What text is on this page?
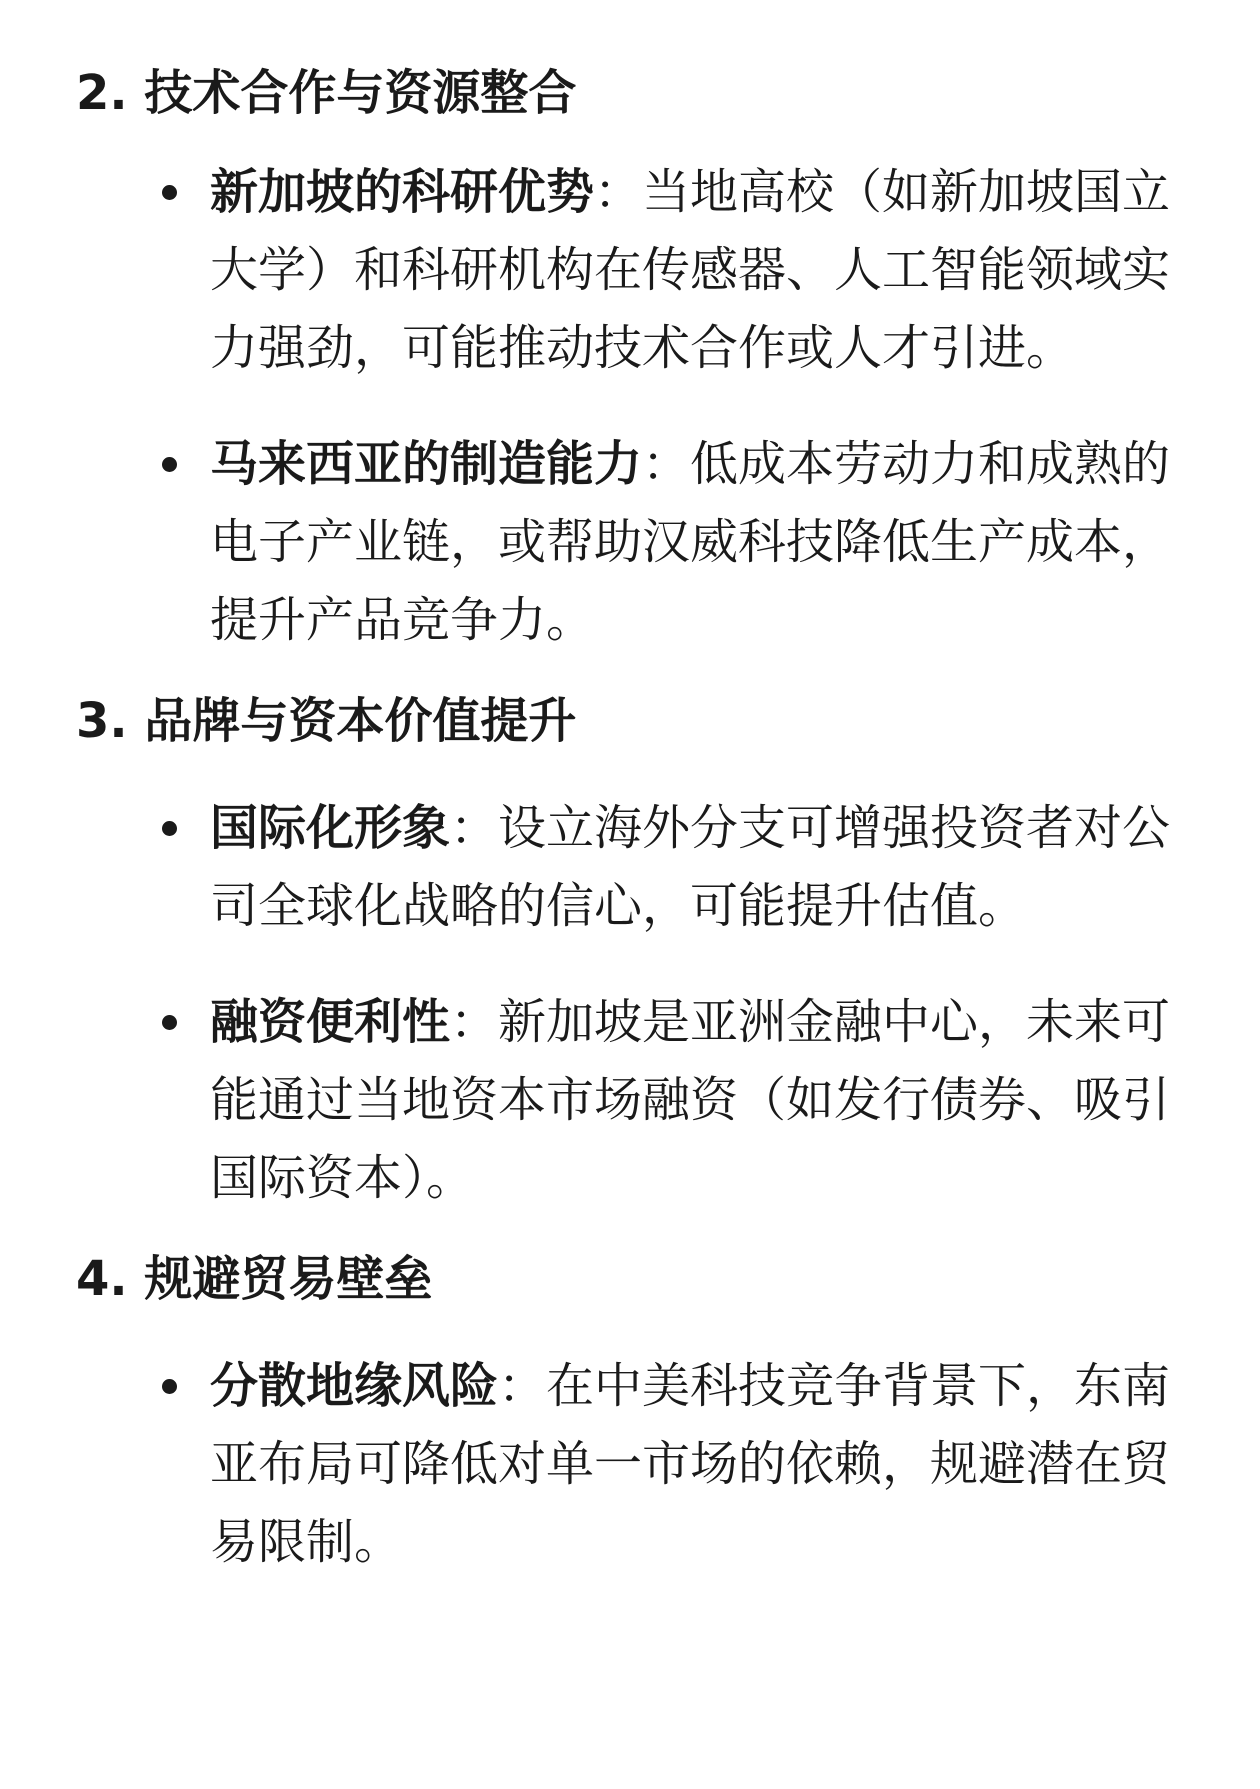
2. 技术合作与资源整合
新加坡的科研优势：当地高校（如新加坡国立大学）和科研机构在传感器、人工智能领域实力强劲，可能推动技术合作或人才引进。
马来西亚的制造能力：低成本劳动力和成熟的电子产业链，或帮助汉威科技降低生产成本，提升产品竞争力。
3. 品牌与资本价值提升
国际化形象：设立海外分支可增强投资者对公司全球化战略的信心，可能提升估值。
融资便利性：新加坡是亚洲金融中心，未来可能通过当地资本市场融资（如发行债券、吸引国际资本）。
4. 规避贸易壁垒
分散地缘风险：在中美科技竞争背景下，东南亚布局可降低对单一市场的依赖，规避潜在贸易限制。
